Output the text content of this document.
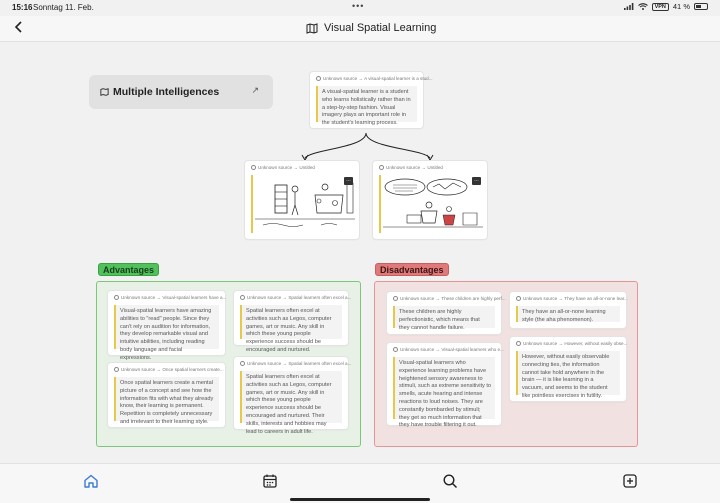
15:16 Sonntag 11. Feb.	•••	VPN 41 %
Visual Spatial Learning
Multiple Intelligences	↗
Unknown source → A visual-spatial learner is a stud...
A visual-spatial learner is a student who learns holistically rather than in a step-by-step fashion. Visual imagery plays an important role in the student's learning process.
Unknown source → Untitled
…
Unknown source → Untitled
…
Advantages
Unknown source → Visual-spatial learners have a...
Visual-spatial learners have amazing abilities to "read" people. Since they can't rely on audition for information, they develop remarkable visual and intuitive abilities, including reading body language and facial expressions.
Unknown source → Spatial learners often excel a...
Spatial learners often excel at activities such as Legos, computer games, art or music. Any skill in which these young people experience success should be encouraged and nurtured.
Unknown source → Once spatial learners create...
Once spatial learners create a mental picture of a concept and see how the information fits with what they already know, their learning is permanent. Repetition is completely unnecessary and irrelevant to their learning style.
Unknown source → Spatial learners often excel a...
Spatial learners often excel at activities such as Legos, computer games, art or music. Any skill in which these young people experience success should be encouraged and nurtured. Their skills, interests and hobbies may lead to careers in adult life.
Disadvantages
Unknown source → These children are highly perf...
These children are highly perfectionistic, which means that they cannot handle failure.
Unknown source → They have an all-or-none lear...
They have an all-or-none learning style (the aha phenomenon).
Unknown source → Visual-spatial learners who e...
Visual-spatial learners who experience learning problems have heightened sensory awareness to stimuli, such as extreme sensitivity to smells, acute hearing and intense reactions to loud noises. They are constantly bombarded by stimuli; they get so much information that they have trouble filtering it out.
Unknown source → However, without easily obse...
However, without easily observable connecting ties, the information cannot take hold anywhere in the brain — it is like learning in a vacuum, and seems to the student like pointless exercises in futility.
